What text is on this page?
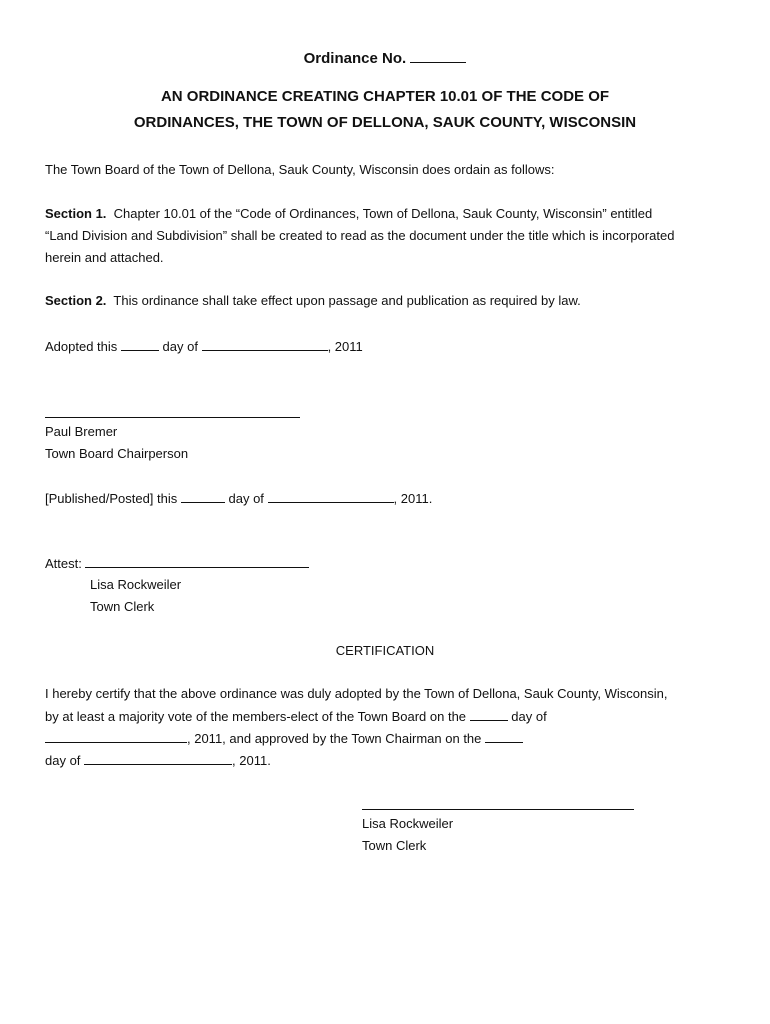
Ordinance No.
AN ORDINANCE CREATING CHAPTER 10.01 OF THE CODE OF
ORDINANCES, THE TOWN OF DELLONA, SAUK COUNTY, WISCONSIN
The Town Board of the Town of Dellona, Sauk County, Wisconsin does ordain as follows:
Section 1. Chapter 10.01 of the “Code of Ordinances, Town of Dellona, Sauk County, Wisconsin” entitled
“Land Division and Subdivision” shall be created to read as the document under the title which is incorporated
herein and attached.
Section 2. This ordinance shall take effect upon passage and publication as required by law.
Adopted this	day of	, 2011
Paul Bremer
Town Board Chairperson
[Published/Posted] this	day of	, 2011.
Attest:
Lisa Rockweiler
Town Clerk
CERTIFICATION
I hereby certify that the above ordinance was duly adopted by the Town of Dellona, Sauk County, Wisconsin,
by at least a majority vote of the members-elect of the Town Board on the	day of
, 2011, and approved by the Town Chairman on the
day of	, 2011.
Lisa Rockweiler
Town Clerk
